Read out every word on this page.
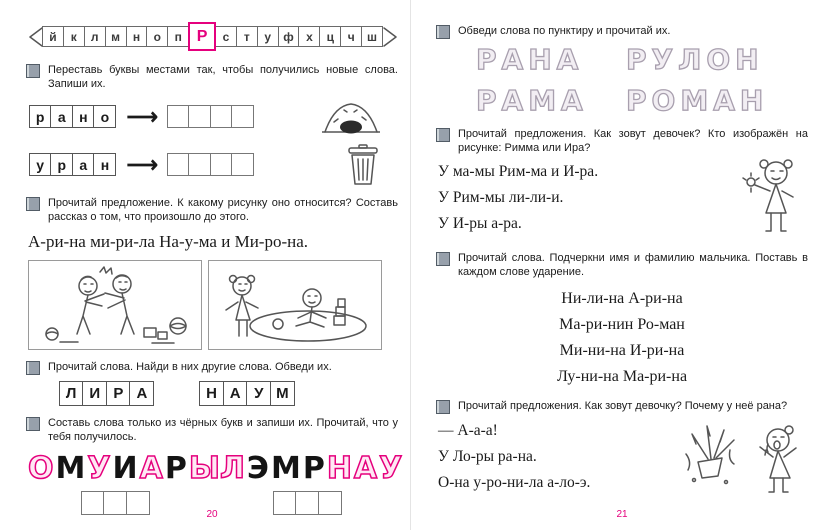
й	к	л	м	н	о	п Р	с	т	у	ф	х	ц	ч	ш
Переставь буквы местами так, чтобы получились новые слова. Запиши их.
р а н о ⟶
у р а н ⟶
Прочитай предложение. К какому рисунку оно относится? Составь рассказ о том, что произошло до этого.
А-ри-на ми-ри-ла На-у-ма и Ми-ро-на.
Прочитай слова. Найди в них другие слова. Обведи их.
Л И Р А	Н А У М
Составь слова только из чёрных букв и запиши их. Прочитай, что у тебя получилось.
ОМУИАРЫ
ЛЭМРНАУ
20
Обведи слова по пунктиру и прочитай их.
РАНА	РУЛОН
РАМА	РОМАН
Прочитай предложения. Как зовут девочек? Кто изображён на рисунке: Римма или Ира?

У ма-мы Рим-ма и И-ра.

У Рим-мы ли-ли-и.

У И-ры а-ра.

Прочитай слова. Подчеркни имя и фамилию мальчика. Поставь в каждом слове ударение.
Ни-ли-на А-ри-на
Ма-ри-нин Ро-ман
Ми-ни-на И-ри-на
Лу-ни-на Ма-ри-на
Прочитай предложения. Как зовут девочку? Почему у неё рана?

— А-а-а!

У Ло-ры ра-на.

О-на у-ро-ни-ла а-ло-э.

21
